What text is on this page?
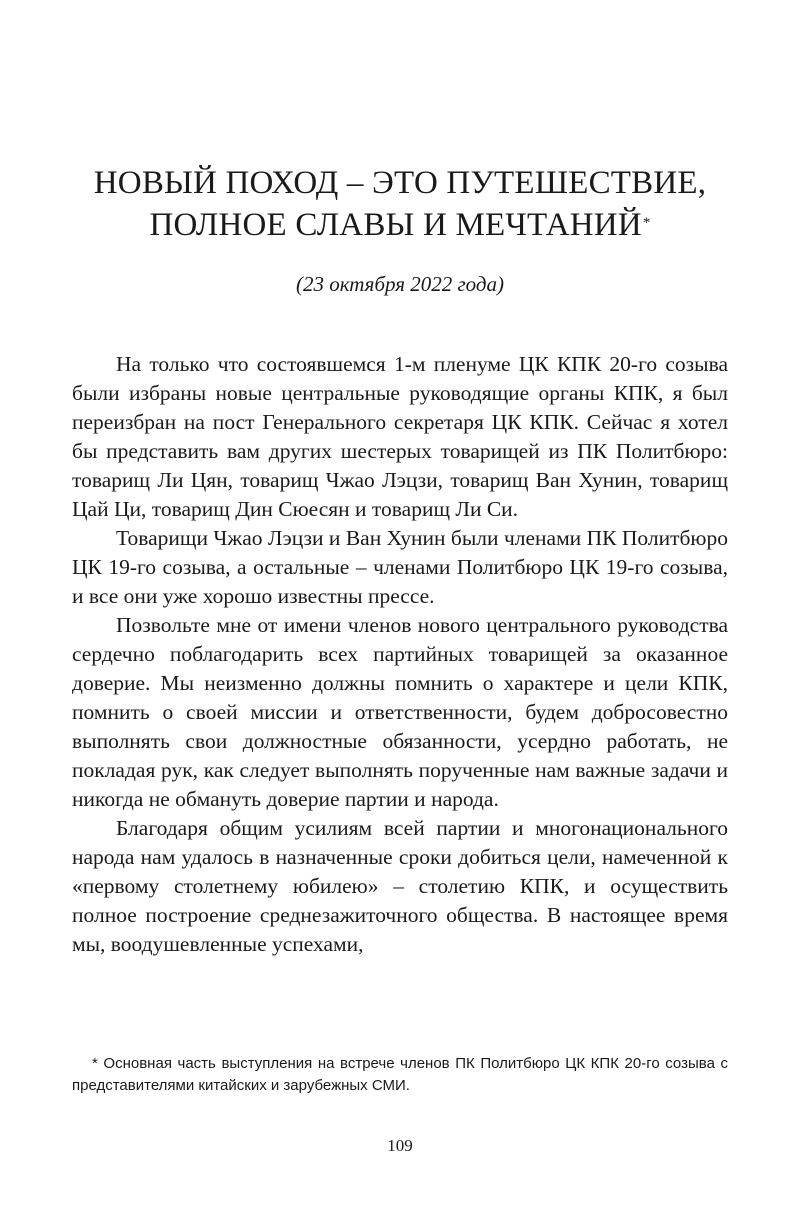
НОВЫЙ ПОХОД – ЭТО ПУТЕШЕСТВИЕ,
ПОЛНОЕ СЛАВЫ И МЕЧТАНИЙ*
(23 октября 2022 года)

На только что состоявшемся 1-м пленуме ЦК КПК 20-го созыва были избраны новые центральные руководящие органы КПК, я был переизбран на пост Генерального секретаря ЦК КПК. Сейчас я хотел бы представить вам других шестерых товарищей из ПК Политбюро: товарищ Ли Цян, товарищ Чжао Лэцзи, товарищ Ван Хунин, товарищ Цай Ци, товарищ Дин Сюесян и товарищ Ли Си.

Товарищи Чжао Лэцзи и Ван Хунин были членами ПК Политбюро ЦК 19-го созыва, а остальные – членами Политбюро ЦК 19-го созыва, и все они уже хорошо известны прессе.

Позвольте мне от имени членов нового центрального руководства сердечно поблагодарить всех партийных товарищей за оказанное доверие. Мы неизменно должны помнить о характере и цели КПК, помнить о своей миссии и ответственности, будем добросовестно выполнять свои должностные обязанности, усердно работать, не покладая рук, как следует выполнять порученные нам важные задачи и никогда не обмануть доверие партии и народа.

Благодаря общим усилиям всей партии и многонационального народа нам удалось в назначенные сроки добиться цели, намеченной к «первому столетнему юбилею» – столетию КПК, и осуществить полное построение среднезажиточного общества. В настоящее время мы, воодушевленные успехами,

* Основная часть выступления на встрече членов ПК Политбюро ЦК КПК 20-го созыва с представителями китайских и зарубежных СМИ.

109
